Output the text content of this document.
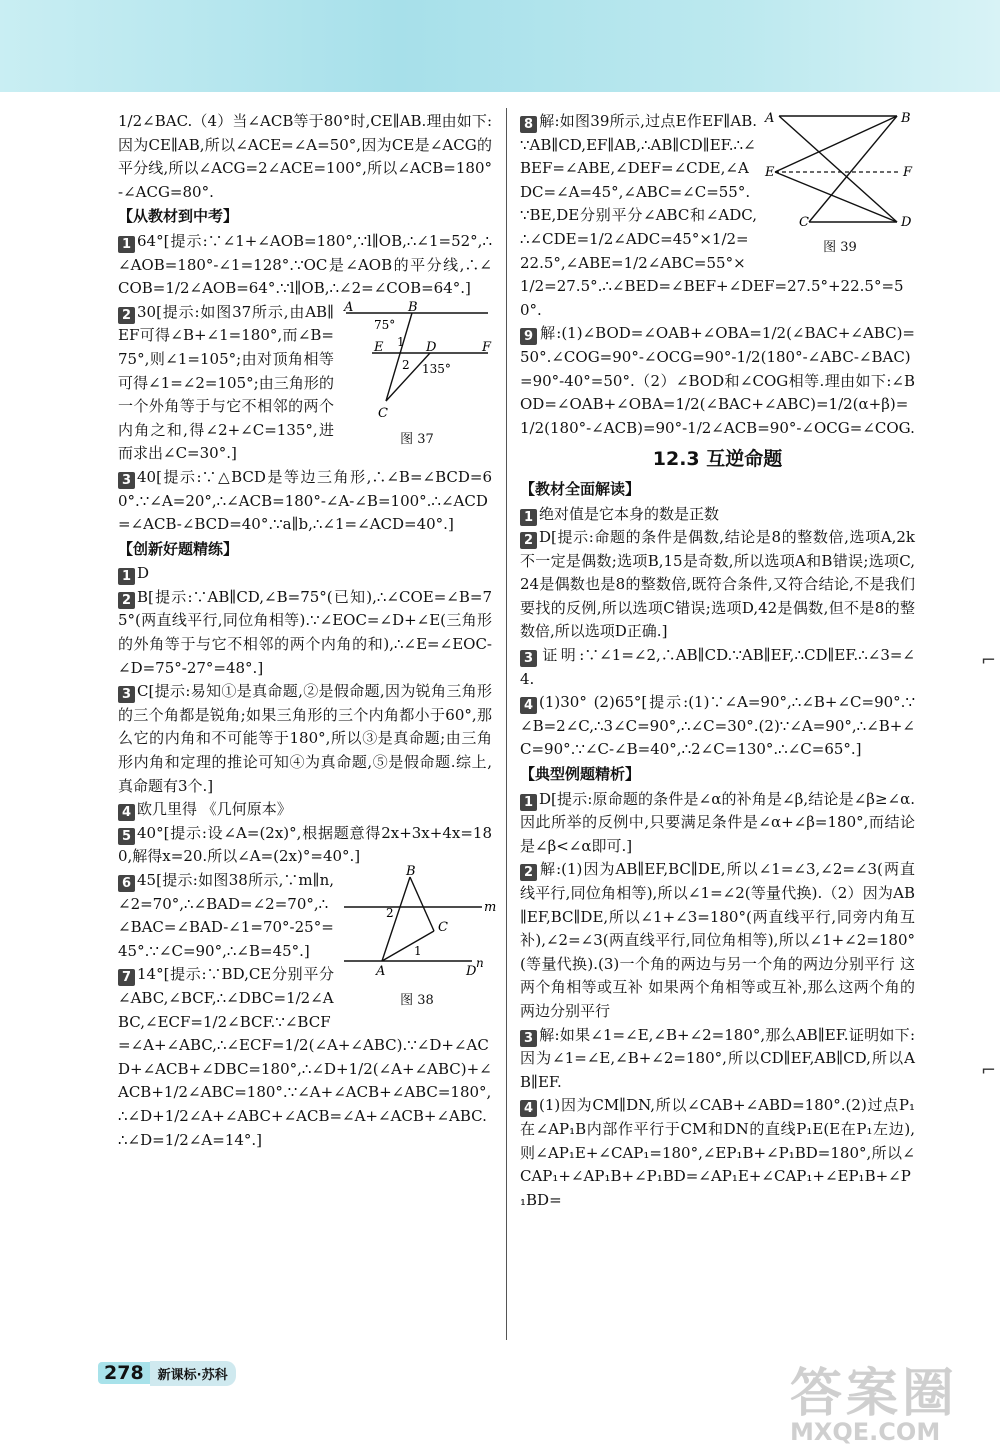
1/2∠BAC.（4）当∠ACB等于80°时,CE∥AB.理由如下:因为CE∥AB,所以∠ACE=∠A=50°,因为CE是∠ACG的平分线,所以∠ACG=2∠ACE=100°,所以∠ACB=180°-∠ACG=80°.
【从教材到中考】
1 64°[提示:∵∠1+∠AOB=180°,∵l∥OB,∴∠1=52°,∴∠AOB=180°-∠1=128°.∵OC是∠AOB的平分线,∴∠COB=1/2∠AOB=64°.∵l∥OB,∴∠2=∠COB=64°.]
A	B
E	D	F
C
1
2
75°
135°
图 37
2 30[提示:如图37所示,由AB∥EF可得∠B+∠1=180°,而∠B=75°,则∠1=105°;由对顶角相等可得∠1=∠2=105°;由三角形的一个外角等于与它不相邻的两个内角之和,得∠2+∠C=135°,进而求出∠C=30°.]
3 40[提示:∵△BCD是等边三角形,∴∠B=∠BCD=60°.∵∠A=20°,∴∠ACB=180°-∠A-∠B=100°.∴∠ACD=∠ACB-∠BCD=40°.∵a∥b,∴∠1=∠ACD=40°.]
【创新好题精练】
1 D
2 B[提示:∵AB∥CD,∠B=75°(已知),∴∠COE=∠B=75°(两直线平行,同位角相等).∵∠EOC=∠D+∠E(三角形的外角等于与它不相邻的两个内角的和),∴∠E=∠EOC-∠D=75°-27°=48°.]
3 C[提示:易知①是真命题,②是假命题,因为锐角三角形的三个角都是锐角;如果三角形的三个内角都小于60°,那么它的内角和不可能等于180°,所以③是真命题;由三角形内角和定理的推论可知④为真命题,⑤是假命题.综上,真命题有3个.]
4 欧几里得 《几何原本》
5 40°[提示:设∠A=(2x)°,根据题意得2x+3x+4x=180,解得x=20.所以∠A=(2x)°=40°.]
B
2	m
C
1
A	D
n
图 38
6 45[提示:如图38所示,∵m∥n,∠2=70°,∴∠BAD=∠2=70°,∴∠BAC=∠BAD-∠1=70°-25°=45°.∵∠C=90°,∴∠B=45°.]
7 14°[提示:∵BD,CE分别平分∠ABC,∠BCF,∴∠DBC=1/2∠ABC,∠ECF=1/2∠BCF.∵∠BCF=∠A+∠ABC,∴∠ECF=1/2(∠A+∠ABC).∵∠D+∠ACD+∠ACB+∠DBC=180°,∴∠D+1/2(∠A+∠ABC)+∠ACB+1/2∠ABC=180°.∵∠A+∠ACB+∠ABC=180°,∴∠D+1/2∠A+∠ABC+∠ACB=∠A+∠ACB+∠ABC.∴∠D=1/2∠A=14°.]
A	B
E	F
C	D
图 39
8 解:如图39所示,过点E作EF∥AB.∵AB∥CD,EF∥AB,∴AB∥CD∥EF.∴∠BEF=∠ABE,∠DEF=∠CDE,∠ADC=∠A=45°,∠ABC=∠C=55°.∵BE,DE分别平分∠ABC和∠ADC,∴∠CDE=1/2∠ADC=45°×1/2=22.5°,∠ABE=1/2∠ABC=55°×1/2=27.5°.∴∠BED=∠BEF+∠DEF=27.5°+22.5°=50°.
9 解:(1)∠BOD=∠OAB+∠OBA=1/2(∠BAC+∠ABC)=50°.∠COG=90°-∠OCG=90°-1/2(180°-∠ABC-∠BAC)=90°-40°=50°.（2）∠BOD和∠COG相等.理由如下:∠BOD=∠OAB+∠OBA=1/2(∠BAC+∠ABC)=1/2(α+β)=1/2(180°-∠ACB)=90°-1/2∠ACB=90°-∠OCG=∠COG.
12.3 互逆命题
【教材全面解读】
1 绝对值是它本身的数是正数
2 D[提示:命题的条件是偶数,结论是8的整数倍,选项A,2k不一定是偶数;选项B,15是奇数,所以选项A和B错误;选项C,24是偶数也是8的整数倍,既符合条件,又符合结论,不是我们要找的反例,所以选项C错误;选项D,42是偶数,但不是8的整数倍,所以选项D正确.]
3 证明:∵∠1=∠2,∴AB∥CD.∵AB∥EF,∴CD∥EF.∴∠3=∠4.
4 (1)30° (2)65°[提示:(1)∵∠A=90°,∴∠B+∠C=90°.∵∠B=2∠C,∴3∠C=90°,∴∠C=30°.(2)∵∠A=90°,∴∠B+∠C=90°.∵∠C-∠B=40°,∴2∠C=130°.∴∠C=65°.]
【典型例题精析】
1 D[提示:原命题的条件是∠α的补角是∠β,结论是∠β≥∠α.因此所举的反例中,只要满足条件是∠α+∠β=180°,而结论是∠β<∠α即可.]
2 解:(1)因为AB∥EF,BC∥DE,所以∠1=∠3,∠2=∠3(两直线平行,同位角相等),所以∠1=∠2(等量代换).（2）因为AB∥EF,BC∥DE,所以∠1+∠3=180°(两直线平行,同旁内角互补),∠2=∠3(两直线平行,同位角相等),所以∠1+∠2=180°(等量代换).(3)一个角的两边与另一个角的两边分别平行 这两个角相等或互补 如果两个角相等或互补,那么这两个角的两边分别平行
3 解:如果∠1=∠E,∠B+∠2=180°,那么AB∥EF.证明如下:因为∠1=∠E,∠B+∠2=180°,所以CD∥EF,AB∥CD,所以AB∥EF.
4 (1)因为CM∥DN,所以∠CAB+∠ABD=180°.(2)过点P₁在∠AP₁B内部作平行于CM和DN的直线P₁E(E在P₁左边),则∠AP₁E+∠CAP₁=180°,∠EP₁B+∠P₁BD=180°,所以∠CAP₁+∠AP₁B+∠P₁BD=∠AP₁E+∠CAP₁+∠EP₁B+∠P₁BD=
⌐
⌐
278	新课标·苏科	答案圈
MXQE.COM
